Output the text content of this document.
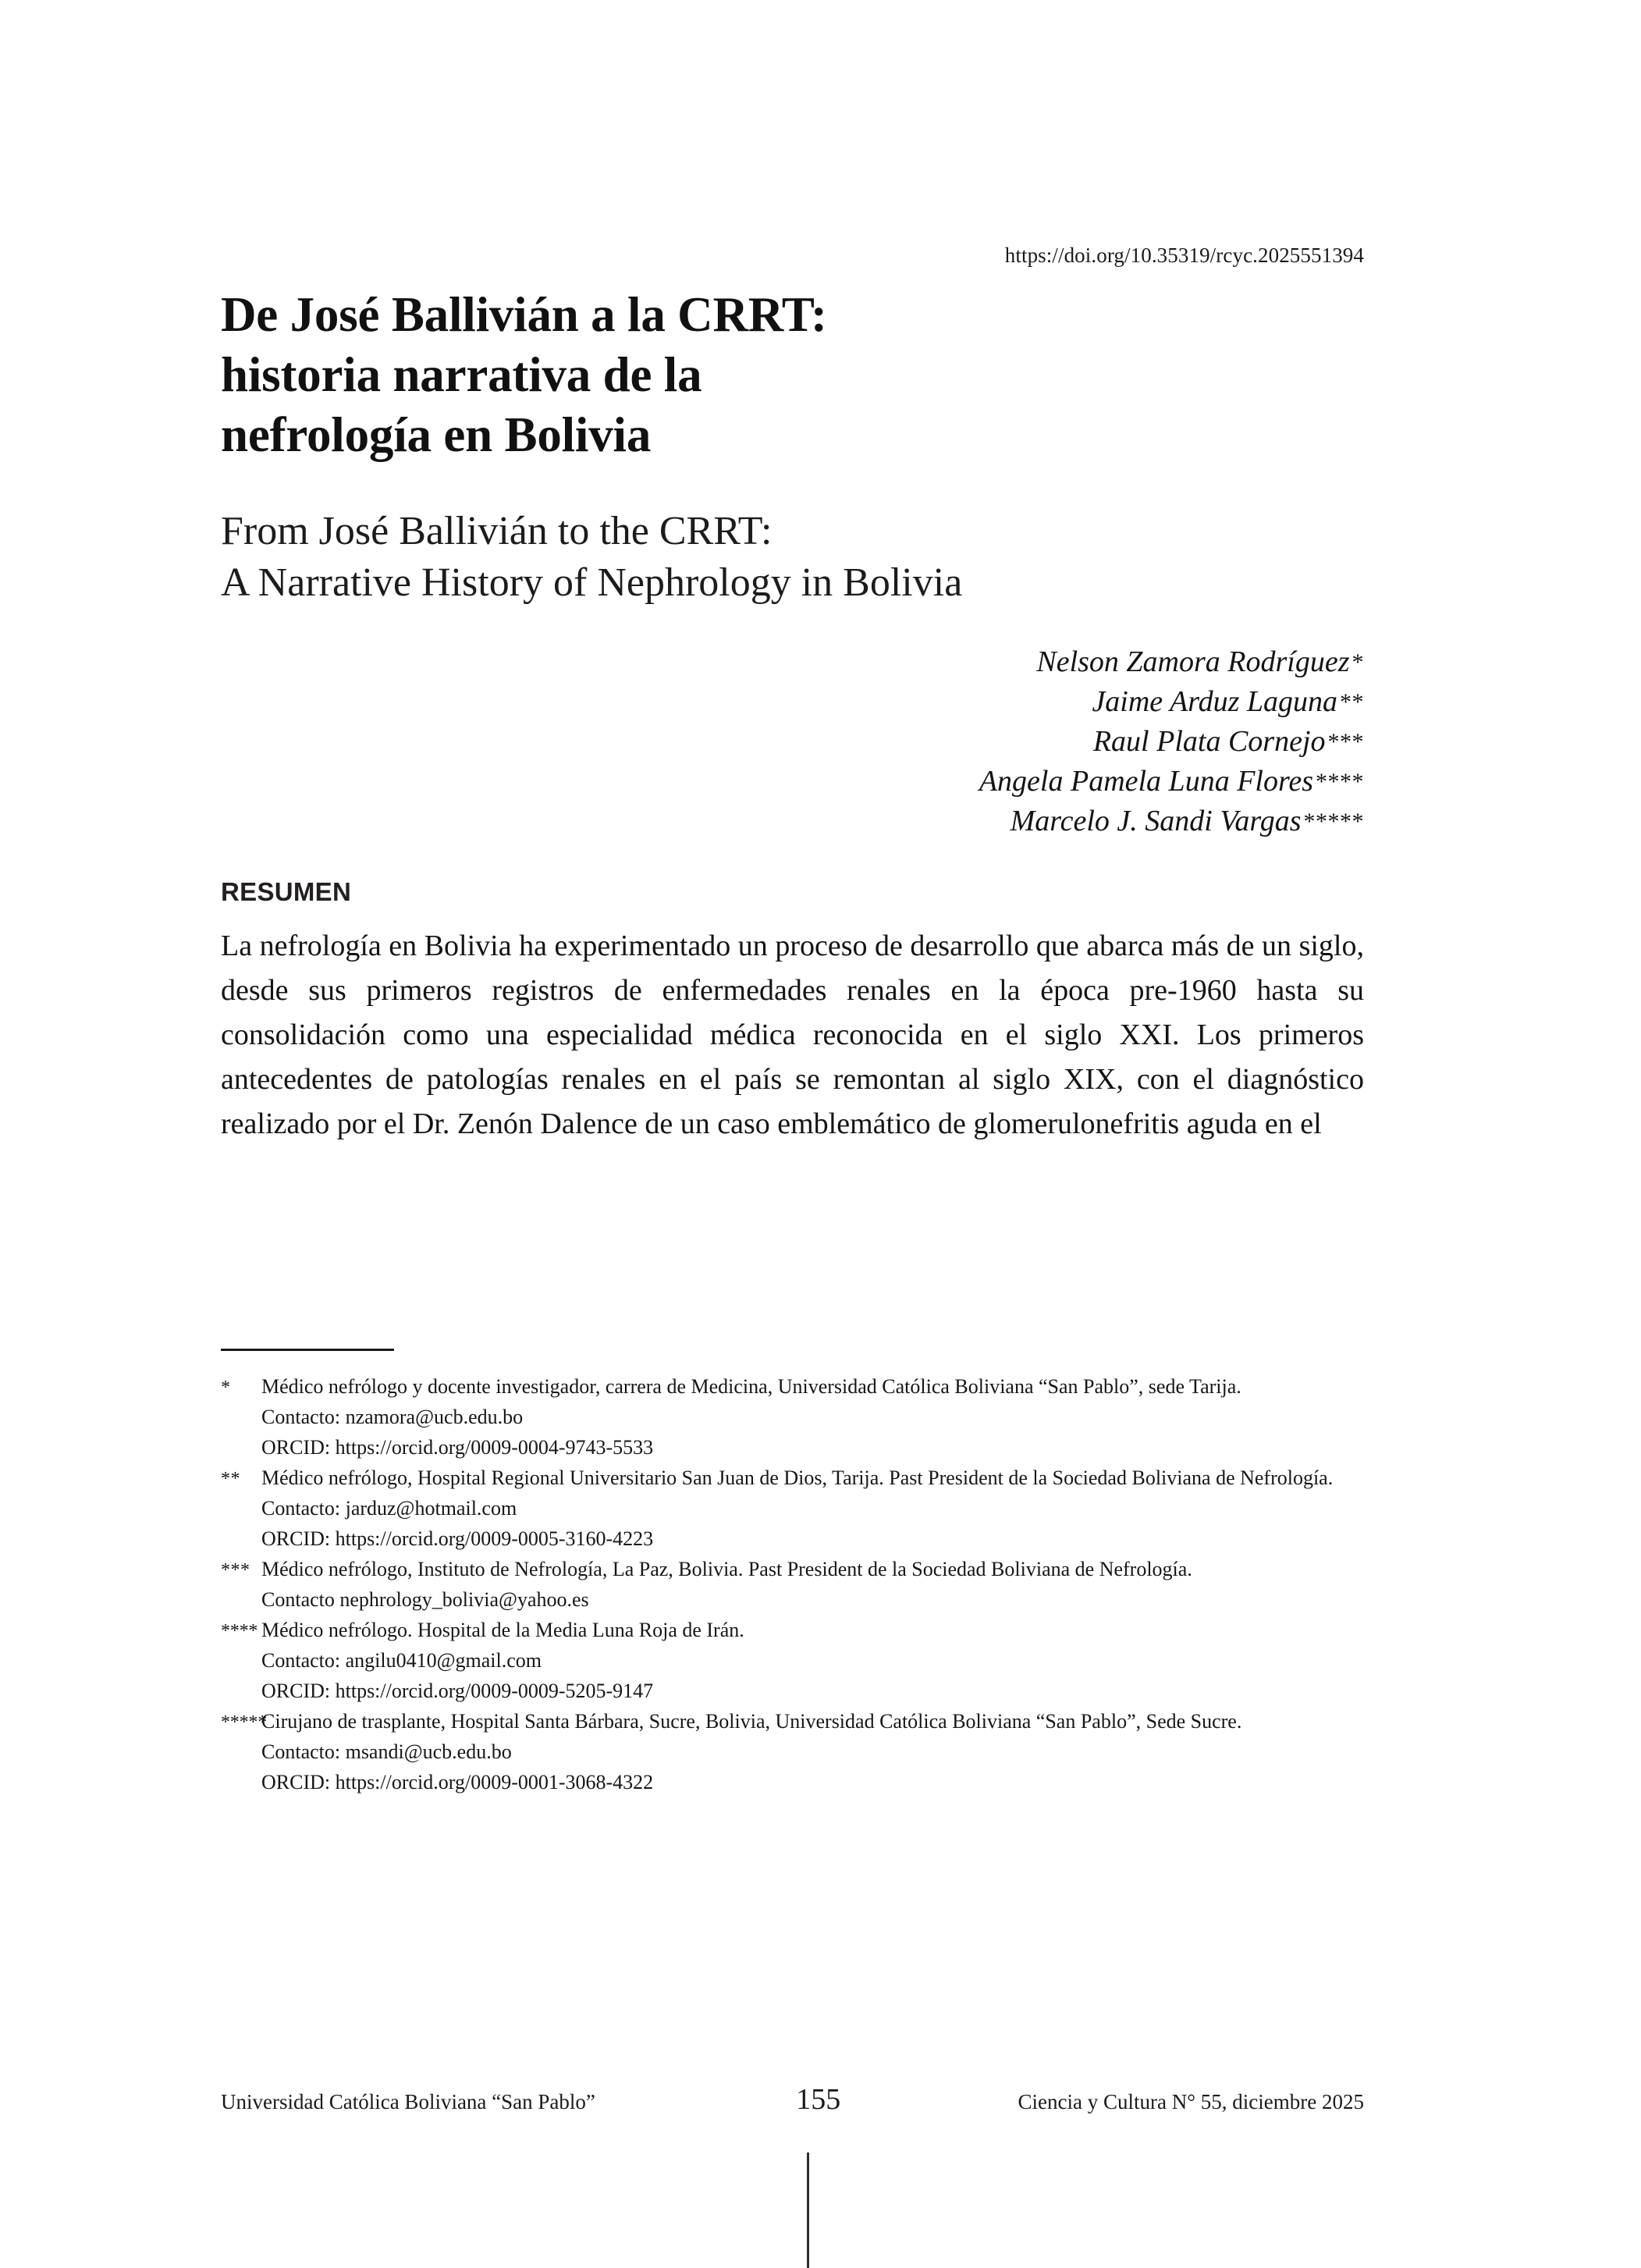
https://doi.org/10.35319/rcyc.2025551394
De José Ballivián a la CRRT:
historia narrativa de la
nefrología en Bolivia
From José Ballivián to the CRRT:
A Narrative History of Nephrology in Bolivia
Nelson Zamora Rodríguez *
Jaime Arduz Laguna **
Raul Plata Cornejo ***
Angela Pamela Luna Flores ****
Marcelo J. Sandi Vargas *****
RESUMEN
La nefrología en Bolivia ha experimentado un proceso de desarrollo que abarca más de un siglo, desde sus primeros registros de enfermedades renales en la época pre-1960 hasta su consolidación como una especialidad médica reconocida en el siglo XXI. Los primeros antecedentes de patologías renales en el país se remontan al siglo XIX, con el diagnóstico realizado por el Dr. Zenón Dalence de un caso emblemático de glomerulonefritis aguda en el
*	Médico nefrólogo y docente investigador, carrera de Medicina, Universidad Católica Boliviana “San Pablo”, sede Tarija.
Contacto: nzamora@ucb.edu.bo
ORCID: https://orcid.org/0009-0004-9743-5533
**	Médico nefrólogo, Hospital Regional Universitario San Juan de Dios, Tarija. Past President de la Sociedad Boliviana de Nefrología.
Contacto: jarduz@hotmail.com
ORCID: https://orcid.org/0009-0005-3160-4223
*** Médico nefrólogo, Instituto de Nefrología, La Paz, Bolivia. Past President de la Sociedad Boliviana de Nefrología.
Contacto nephrology_bolivia@yahoo.es
**** Médico nefrólogo. Hospital de la Media Luna Roja de Irán.
Contacto: angilu0410@gmail.com
ORCID: https://orcid.org/0009-0009-5205-9147
*****
Cirujano de trasplante, Hospital Santa Bárbara, Sucre, Bolivia, Universidad Católica Boliviana “San Pablo”, Sede Sucre.
Contacto: msandi@ucb.edu.bo
ORCID: https://orcid.org/0009-0001-3068-4322
Universidad Católica Boliviana “San Pablo”	155	Ciencia y Cultura N° 55, diciembre 2025
